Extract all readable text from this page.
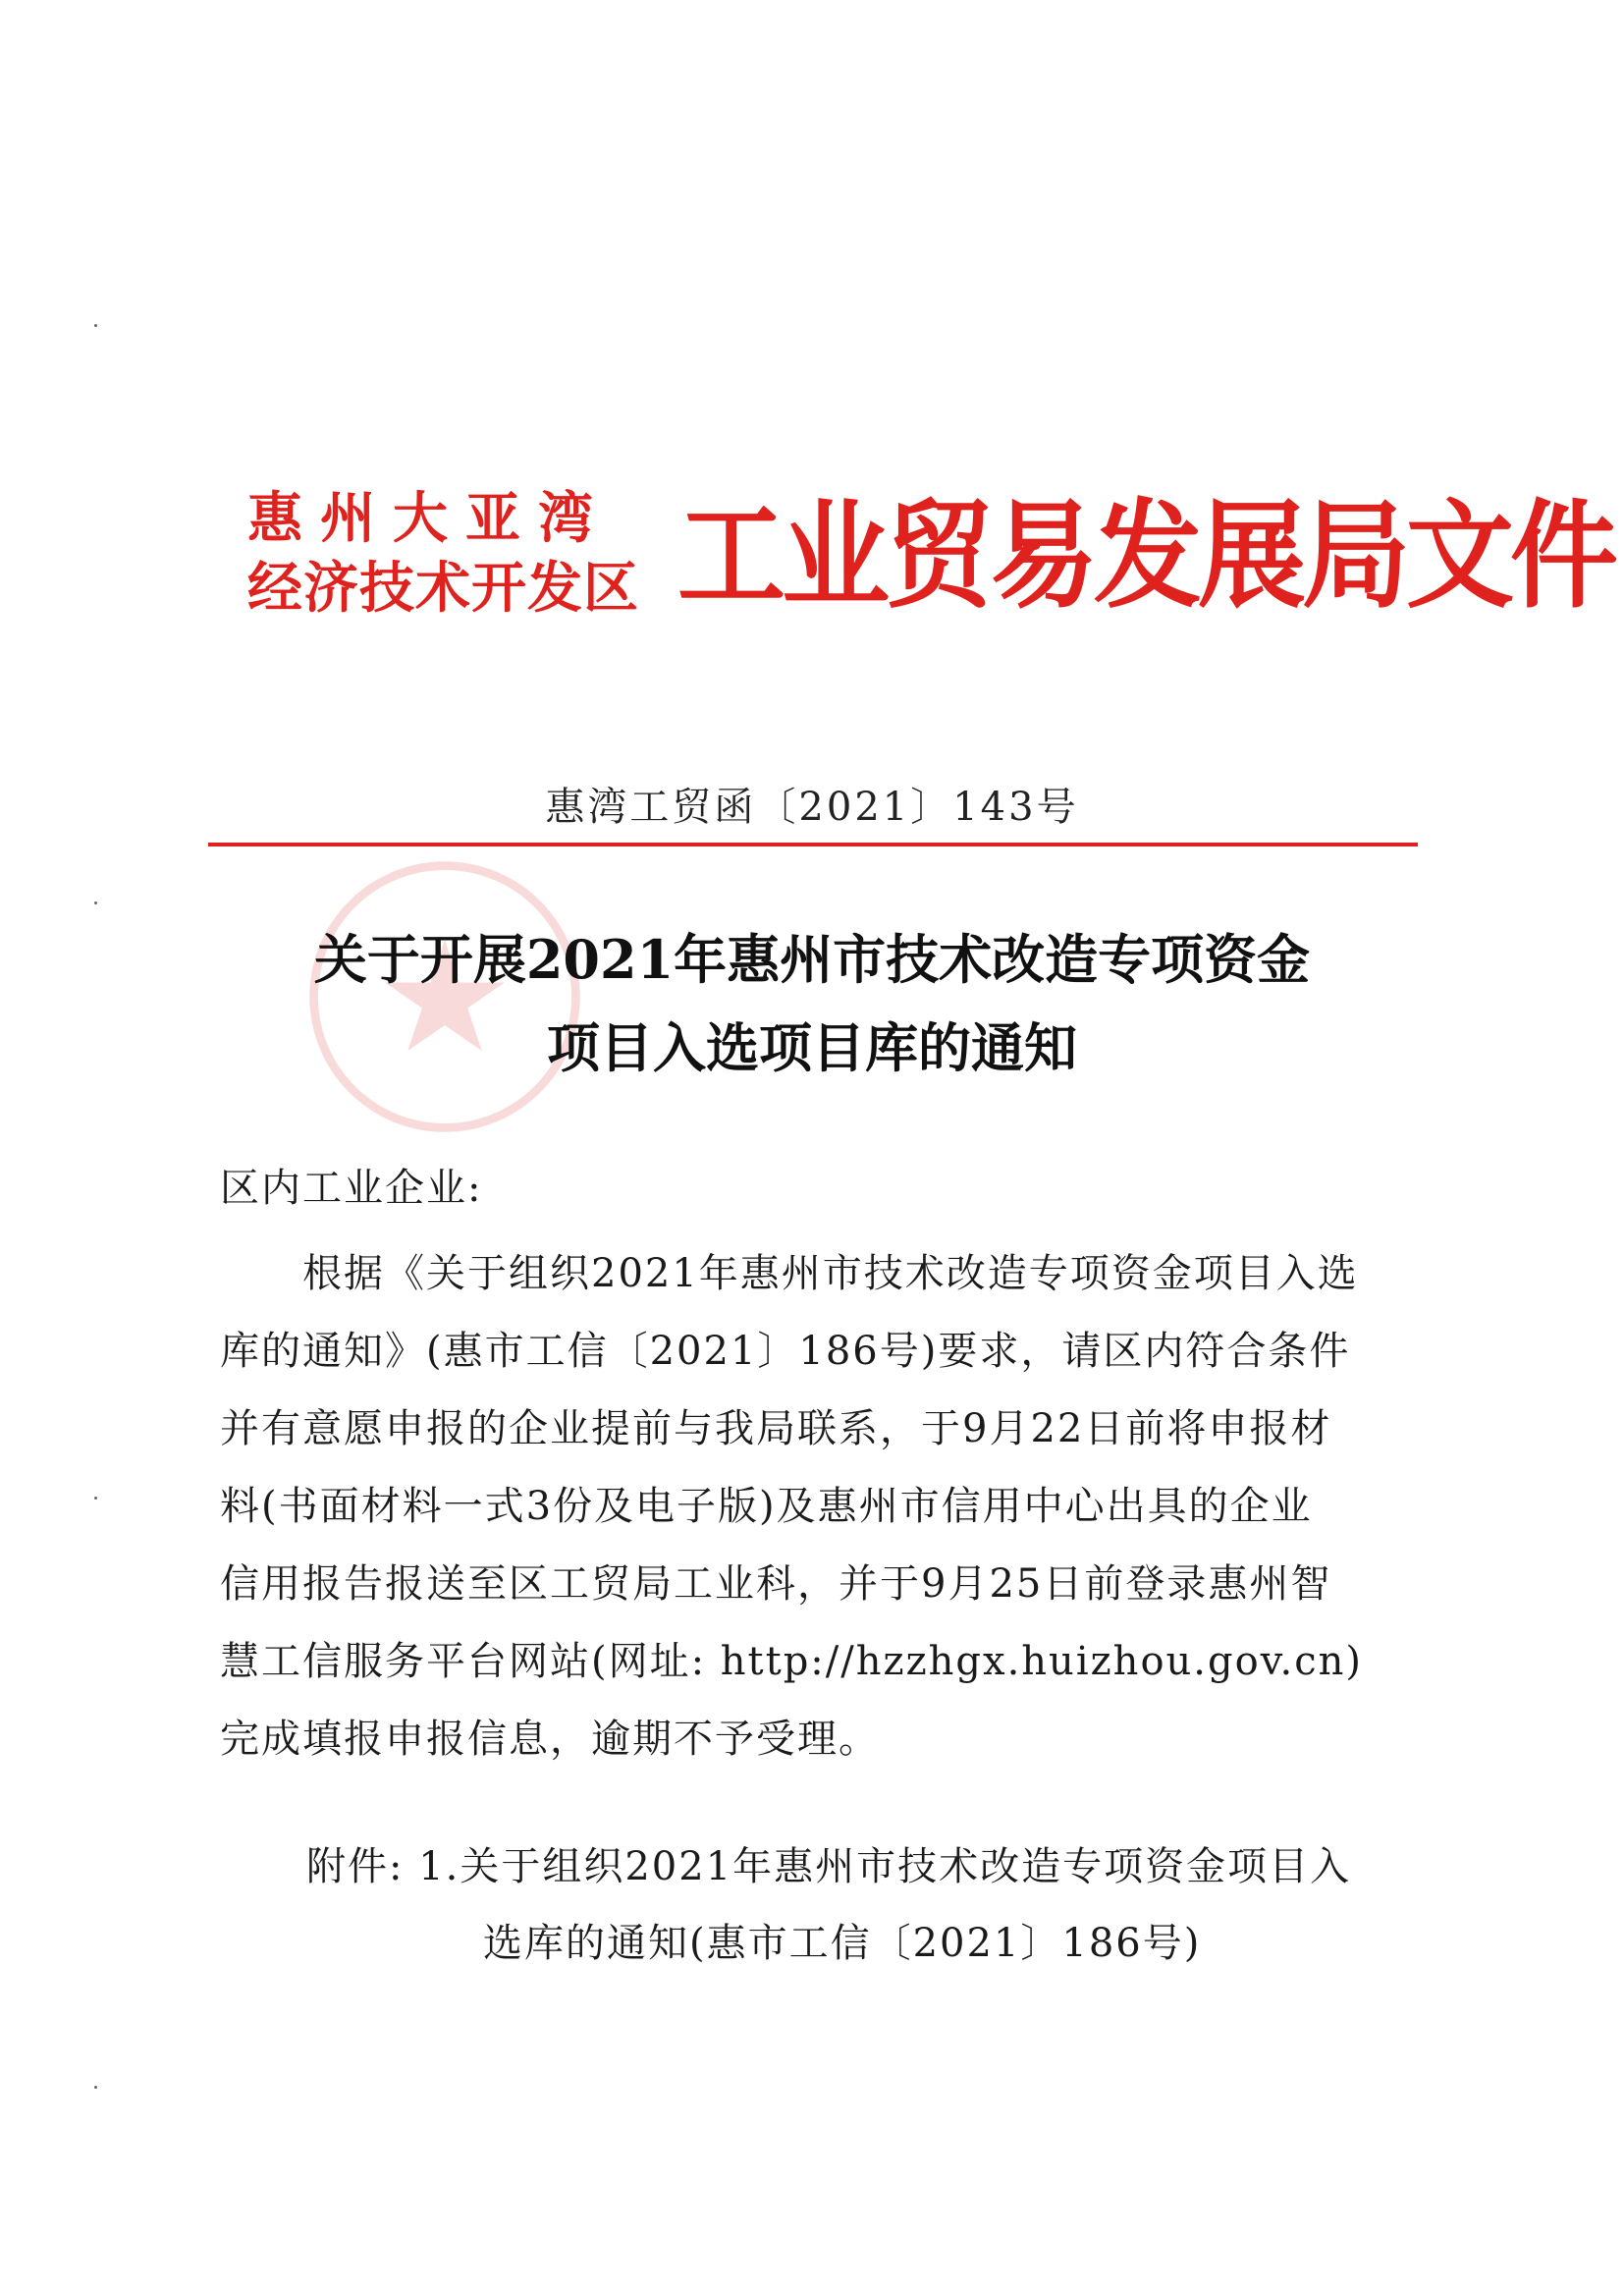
惠州大亚湾
经济技术开发区 工业贸易发展局文件
惠湾工贸函〔2021〕143号
关于开展2021年惠州市技术改造专项资金
项目入选项目库的通知
区内工业企业:
根据《关于组织2021年惠州市技术改造专项资金项目入选
库的通知》(惠市工信〔2021〕186号)要求，请区内符合条件
并有意愿申报的企业提前与我局联系，于9月22日前将申报材
料(书面材料一式3份及电子版)及惠州市信用中心出具的企业
信用报告报送至区工贸局工业科，并于9月25日前登录惠州智
慧工信服务平台网站(网址: http://hzzhgx.huizhou.gov.cn)
完成填报申报信息，逾期不予受理。
附件: 1.关于组织2021年惠州市技术改造专项资金项目入
选库的通知(惠市工信〔2021〕186号)
